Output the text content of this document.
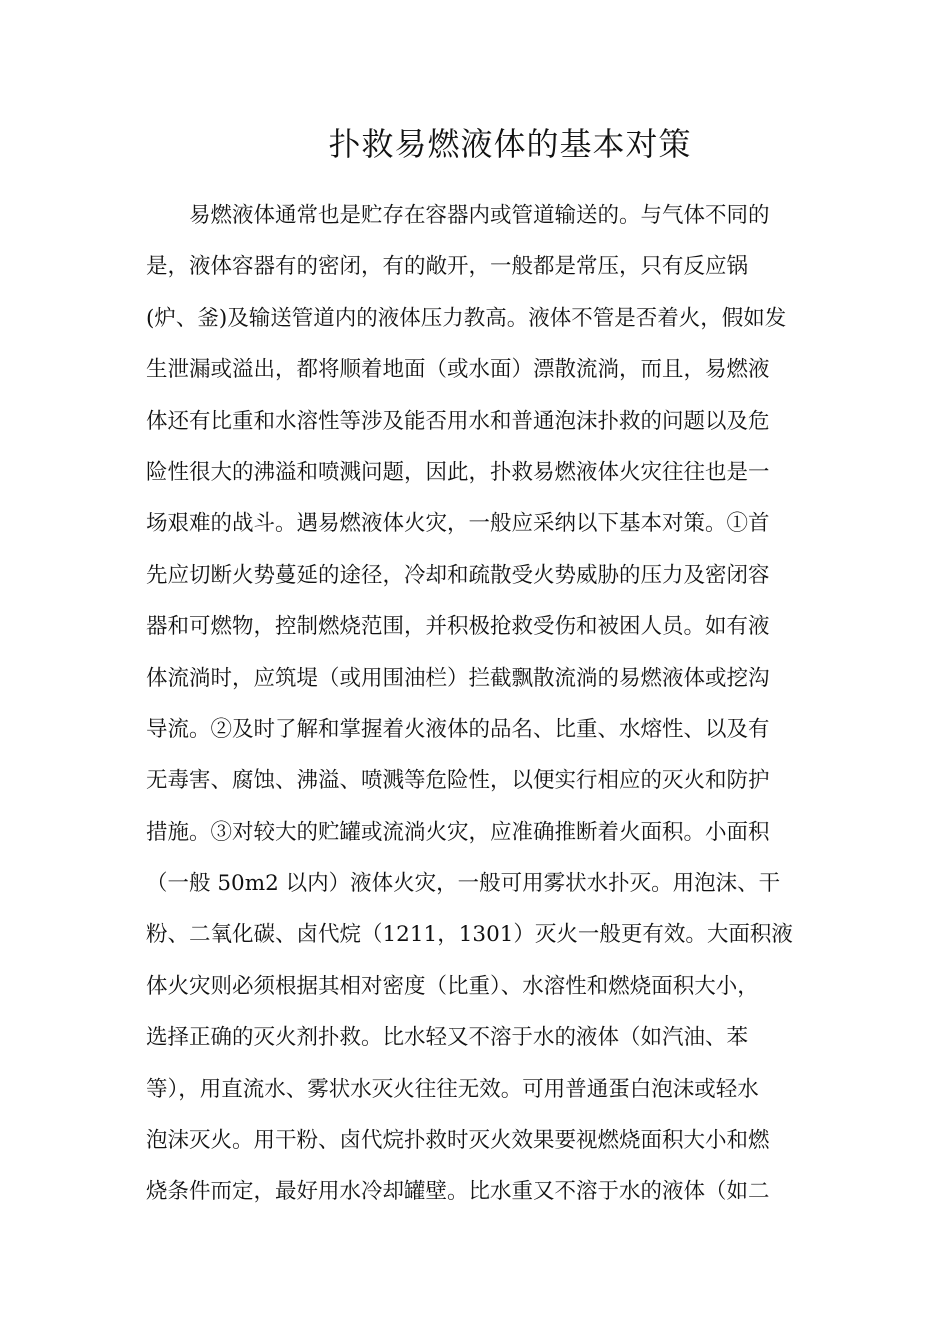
扑救易燃液体的基本对策
易燃液体通常也是贮存在容器内或管道输送的。与气体不同的
是，液体容器有的密闭，有的敞开，一般都是常压，只有反应锅
(炉、釜)及输送管道内的液体压力教高。液体不管是否着火，假如发
生泄漏或溢出，都将顺着地面（或水面）漂散流淌，而且，易燃液
体还有比重和水溶性等涉及能否用水和普通泡沫扑救的问题以及危
险性很大的沸溢和喷溅问题，因此，扑救易燃液体火灾往往也是一
场艰难的战斗。遇易燃液体火灾，一般应采纳以下基本对策。①首
先应切断火势蔓延的途径，冷却和疏散受火势威胁的压力及密闭容
器和可燃物，控制燃烧范围，并积极抢救受伤和被困人员。如有液
体流淌时，应筑堤（或用围油栏）拦截飘散流淌的易燃液体或挖沟
导流。②及时了解和掌握着火液体的品名、比重、水熔性、以及有
无毒害、腐蚀、沸溢、喷溅等危险性，以便实行相应的灭火和防护
措施。③对较大的贮罐或流淌火灾，应准确推断着火面积。小面积
（一般 50m2 以内）液体火灾，一般可用雾状水扑灭。用泡沫、干
粉、二氧化碳、卤代烷（1211，1301）灭火一般更有效。大面积液
体火灾则必须根据其相对密度（比重）、水溶性和燃烧面积大小，
选择正确的灭火剂扑救。比水轻又不溶于水的液体（如汽油、苯
等），用直流水、雾状水灭火往往无效。可用普通蛋白泡沫或轻水
泡沫灭火。用干粉、卤代烷扑救时灭火效果要视燃烧面积大小和燃
烧条件而定，最好用水冷却罐壁。比水重又不溶于水的液体（如二
